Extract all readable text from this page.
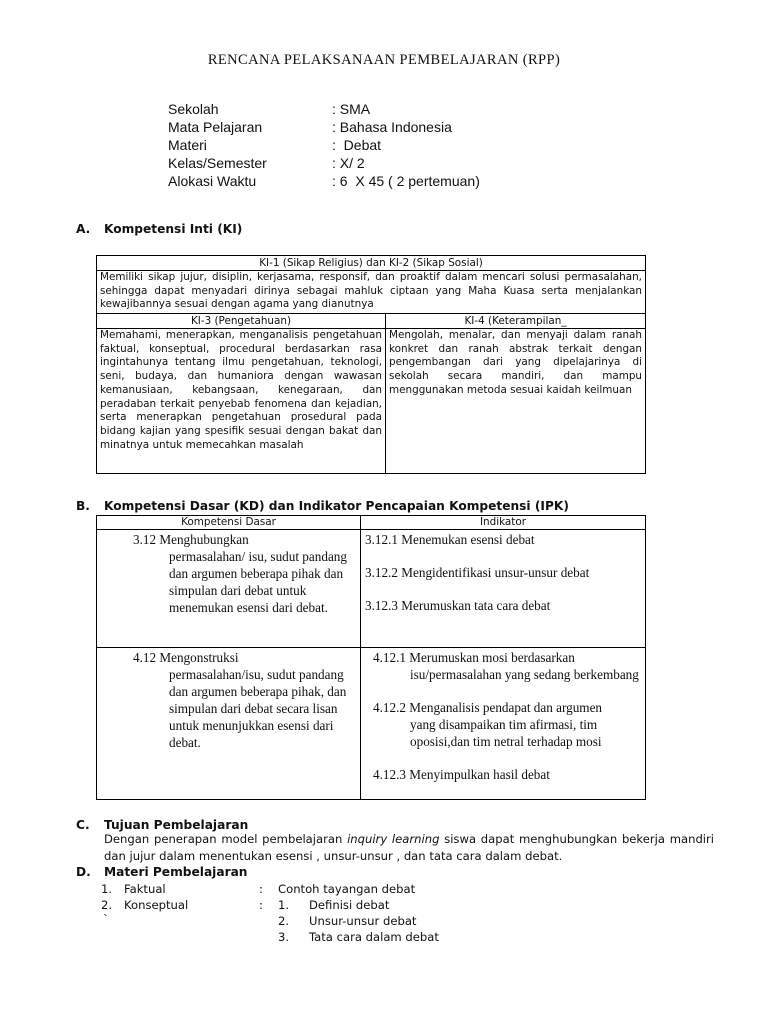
RENCANA PELAKSANAAN PEMBELAJARAN (RPP)
Sekolah	: SMA
Mata Pelajaran	: Bahasa Indonesia
Materi	:  Debat
Kelas/Semester	: X/ 2
Alokasi Waktu	: 6  X 45 ( 2 pertemuan)
A. Kompetensi Inti (KI)
KI-1 (Sikap Religius) dan KI-2 (Sikap Sosial)	
Memiliki sikap jujur, disiplin, kerjasama, responsif, dan proaktif dalam mencari solusi permasalahan, sehingga dapat menyadari dirinya sebagai mahluk ciptaan yang Maha Kuasa serta menjalankan kewajibannya sesuai dengan agama yang dianutnya	
KI-3 (Pengetahuan)	KI-4 (Keterampilan_
Memahami, menerapkan, menganalisis pengetahuan faktual, konseptual, procedural berdasarkan rasa ingintahunya tentang ilmu pengetahuan, teknologi, seni, budaya, dan humaniora dengan wawasan kemanusiaan, kebangsaan, kenegaraan, dan peradaban terkait penyebab fenomena dan kejadian, serta menerapkan pengetahuan prosedural pada bidang kajian yang spesifik sesuai dengan bakat dan minatnya untuk memecahkan masalah	Mengolah, menalar, dan menyaji dalam ranah konkret dan ranah abstrak terkait dengan pengembangan dari yang dipelajarinya di sekolah secara mandiri, dan mampu menggunakan metoda sesuai kaidah keilmuan
B. Kompetensi Dasar (KD) dan Indikator Pencapaian Kompetensi (IPK)
Kompetensi Dasar	Indikator

3.12 Menghubungkan
permasalahan/ isu, sudut pandang dan argumen beberapa pihak dan simpulan dari debat untuk menemukan esensi dari debat.	3.12.1 Menemukan esensi debat
3.12.2 Mengidentifikasi unsur-unsur debat
3.12.3 Merumuskan tata cara debat

4.12 Mengonstruksi
permasalahan/isu, sudut pandang dan argumen beberapa pihak, dan simpulan dari debat secara lisan untuk menunjukkan esensi dari debat.	4.12.1 Merumuskan mosi berdasarkan
isu/permasalahan yang sedang berkembang
4.12.2 Menganalisis pendapat dan argumen
yang disampaikan tim afirmasi, tim oposisi,dan tim netral terhadap mosi
4.12.3 Menyimpulkan hasil debat
C. Tujuan Pembelajaran
Dengan penerapan model pembelajaran inquiry learning siswa dapat menghubungkan bekerja mandiri dan jujur dalam menentukan esensi , unsur-unsur , dan tata cara dalam debat.
D. Materi Pembelajaran
1. Faktual	: Contoh tayangan debat
2. Konseptual	:
`
1. Definisi debat
2. Unsur-unsur debat
3. Tata cara dalam debat
